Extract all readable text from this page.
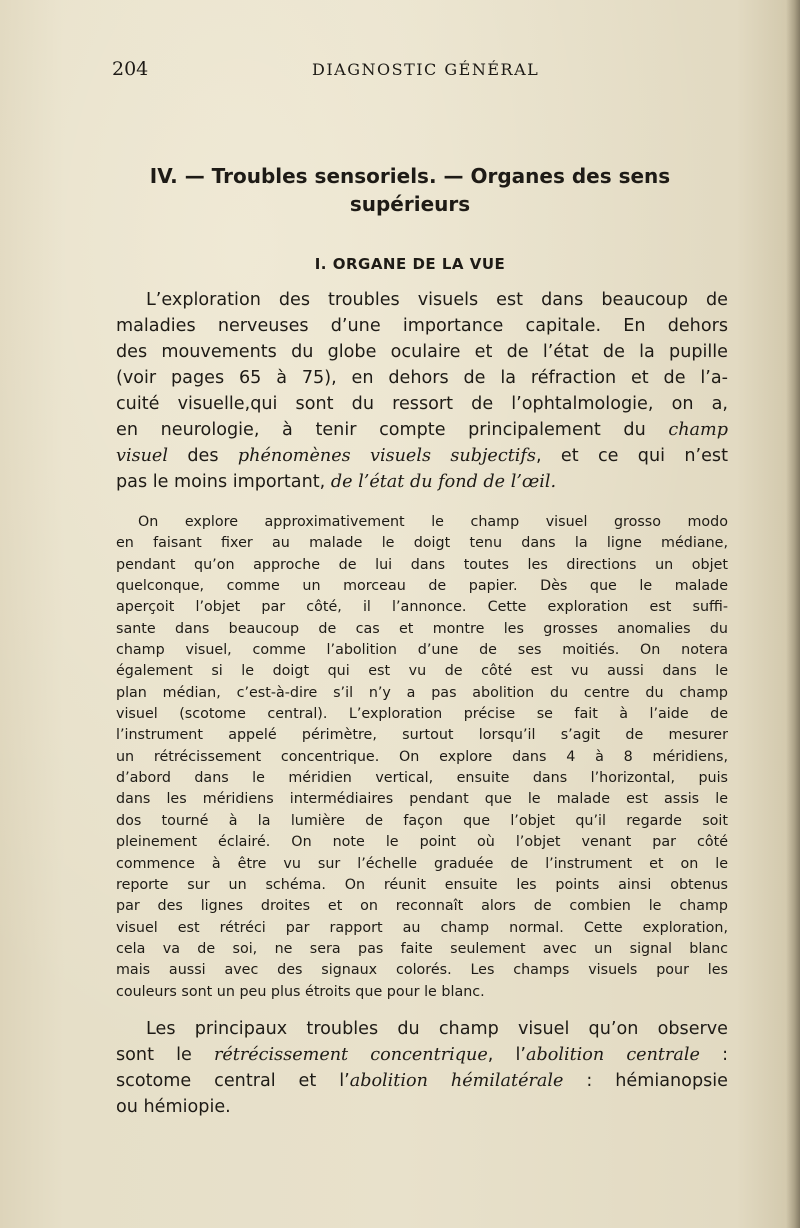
204	DIAGNOSTIC GÉNÉRAL
IV. — Troubles sensoriels. — Organes des sens
supérieurs
I. ORGANE DE LA VUE
L’exploration des troubles visuels est dans beaucoup de
maladies nerveuses d’une importance capitale. En dehors
des mouvements du globe oculaire et de l’état de la pupille
(voir pages 65 à 75), en dehors de la réfraction et de l’a-
cuité visuelle,qui sont du ressort de l’ophtalmologie, on a,
en neurologie, à tenir compte principalement du champ
visuel des phénomènes visuels subjectifs, et ce qui n’est
pas le moins important, de l’état du fond de l’œil.
On explore approximativement le champ visuel grosso modo
en faisant fixer au malade le doigt tenu dans la ligne médiane,
pendant qu’on approche de lui dans toutes les directions un objet
quelconque, comme un morceau de papier. Dès que le malade
aperçoit l’objet par côté, il l’annonce. Cette exploration est suffi-
sante dans beaucoup de cas et montre les grosses anomalies du
champ visuel, comme l’abolition d’une de ses moitiés. On notera
également si le doigt qui est vu de côté est vu aussi dans le
plan médian, c’est-à-dire s’il n’y a pas abolition du centre du champ
visuel (scotome central). L’exploration précise se fait à l’aide de
l’instrument appelé périmètre, surtout lorsqu’il s’agit de mesurer
un rétrécissement concentrique. On explore dans 4 à 8 méridiens,
d’abord dans le méridien vertical, ensuite dans l’horizontal, puis
dans les méridiens intermédiaires pendant que le malade est assis le
dos tourné à la lumière de façon que l’objet qu’il regarde soit
pleinement éclairé. On note le point où l’objet venant par côté
commence à être vu sur l’échelle graduée de l’instrument et on le
reporte sur un schéma. On réunit ensuite les points ainsi obtenus
par des lignes droites et on reconnaît alors de combien le champ
visuel est rétréci par rapport au champ normal. Cette exploration,
cela va de soi, ne sera pas faite seulement avec un signal blanc
mais aussi avec des signaux colorés. Les champs visuels pour les
couleurs sont un peu plus étroits que pour le blanc.
Les principaux troubles du champ visuel qu’on observe
sont le rétrécissement concentrique, l’abolition centrale :
scotome central et l’abolition hémilatérale : hémianopsie
ou hémiopie.
